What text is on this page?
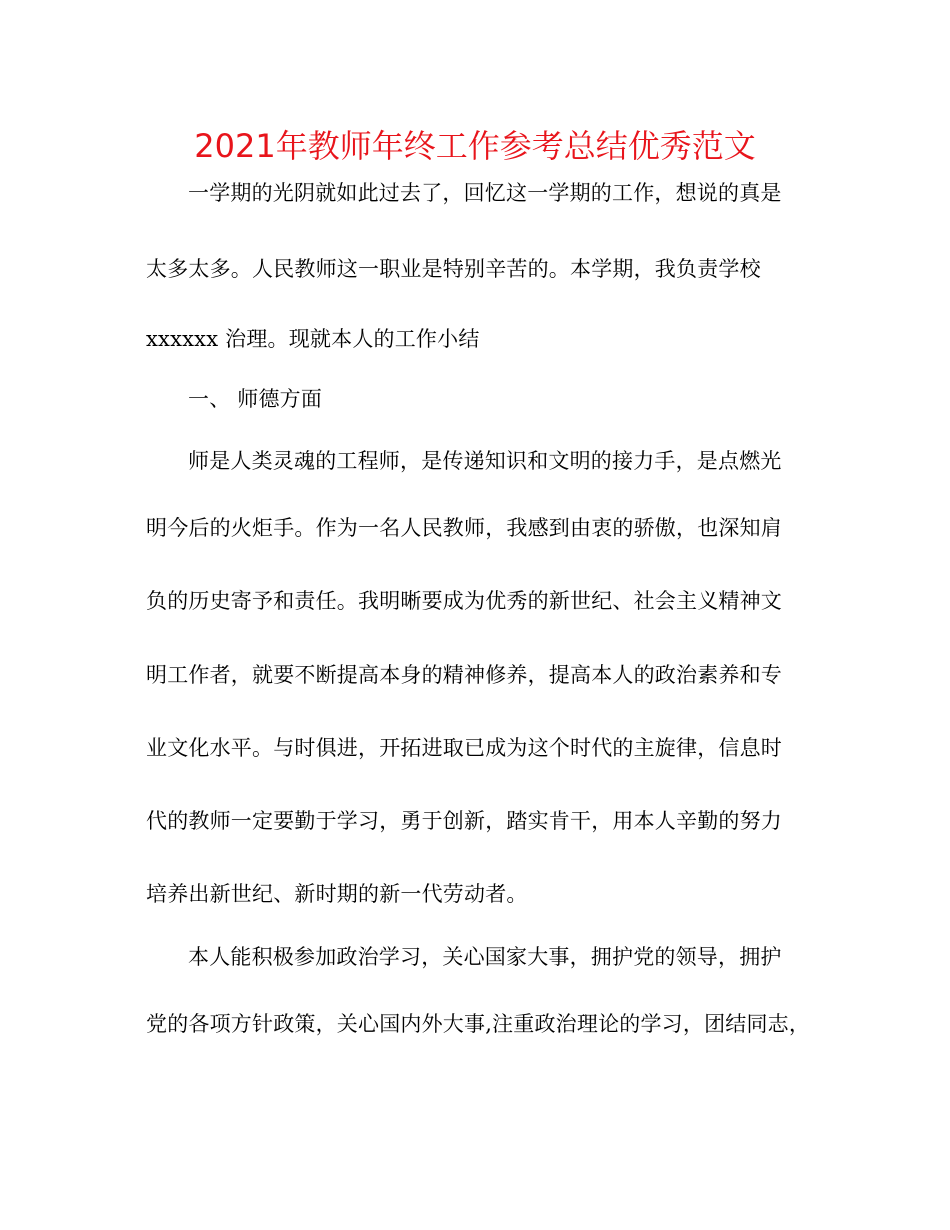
2021年教师年终工作参考总结优秀范文
一学期的光阴就如此过去了，回忆这一学期的工作，想说的真是
太多太多。人民教师这一职业是特别辛苦的。本学期，我负责学校
xxxxxx 治理。现就本人的工作小结
一、 师德方面
师是人类灵魂的工程师，是传递知识和文明的接力手，是点燃光
明今后的火炬手。作为一名人民教师，我感到由衷的骄傲，也深知肩
负的历史寄予和责任。我明晰要成为优秀的新世纪、社会主义精神文
明工作者，就要不断提高本身的精神修养，提高本人的政治素养和专
业文化水平。与时俱进，开拓进取已成为这个时代的主旋律，信息时
代的教师一定要勤于学习，勇于创新，踏实肯干，用本人辛勤的努力
培养出新世纪、新时期的新一代劳动者。
本人能积极参加政治学习，关心国家大事，拥护党的领导，拥护
党的各项方针政策，关心国内外大事,注重政治理论的学习，团结同志，
